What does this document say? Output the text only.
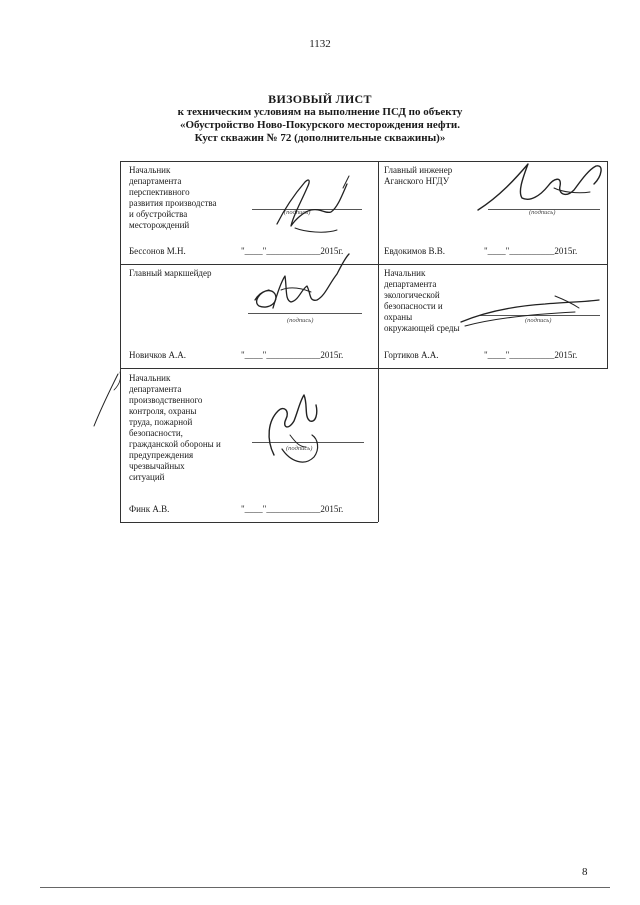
1132
ВИЗОВЫЙ ЛИСТ
к техническим условиям на выполнение ПСД по объекту
«Обустройство Ново-Покурского месторождения нефти.
Куст скважин № 72 (дополнительные скважины)»
Начальник
департамента
перспективного
развития производства
и обустройства
месторождений
(подпись)
Бессонов М.Н.	"____"____________2015г.
Главный инженер
Аганского НГДУ
(подпись)
Евдокимов В.В.	"____"__________2015г.
Главный маркшейдер
(подпись)
Новичков А.А.	"____"____________2015г.
Начальник
департамента
экологической
безопасности и
охраны
окружающей среды
(подпись)
Гортиков А.А.	"____"__________2015г.
Начальник
департамента
производственного
контроля, охраны
труда, пожарной
безопасности,
гражданской обороны и
предупреждения
чрезвычайных
ситуаций
(подпись)
Финк А.В.	"____"____________2015г.
8
